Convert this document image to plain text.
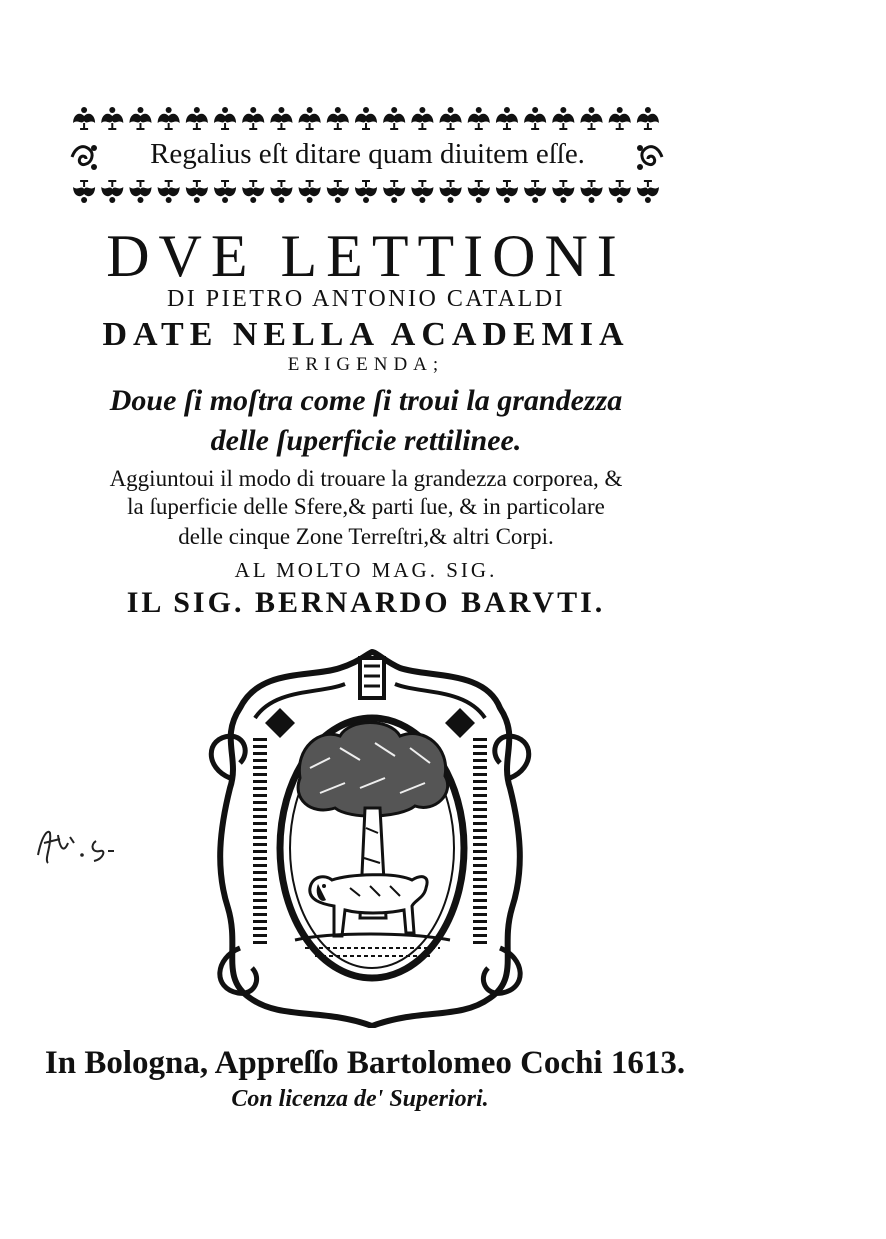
Regalius eſt ditare quam diuitem eſſe.
DVE LETTIONI
DI PIETRO ANTONIO CATALDI
DATE NELLA ACADEMIA
ERIGENDA;
Doue ſi moſtra come ſi troui la grandezza
delle ſuperficie rettilinee.
Aggiuntoui il modo di trouare la grandezza corporea, &
la ſuperficie delle Sfere,& parti ſue, & in particolare
delle cinque Zone Terreſtri,& altri Corpi.
AL MOLTO MAG. SIG.
IL SIG. BERNARDO BARVTI.
In Bologna, Appreſſo Bartolomeo Cochi 1613.
Con licenza de' Superiori.
